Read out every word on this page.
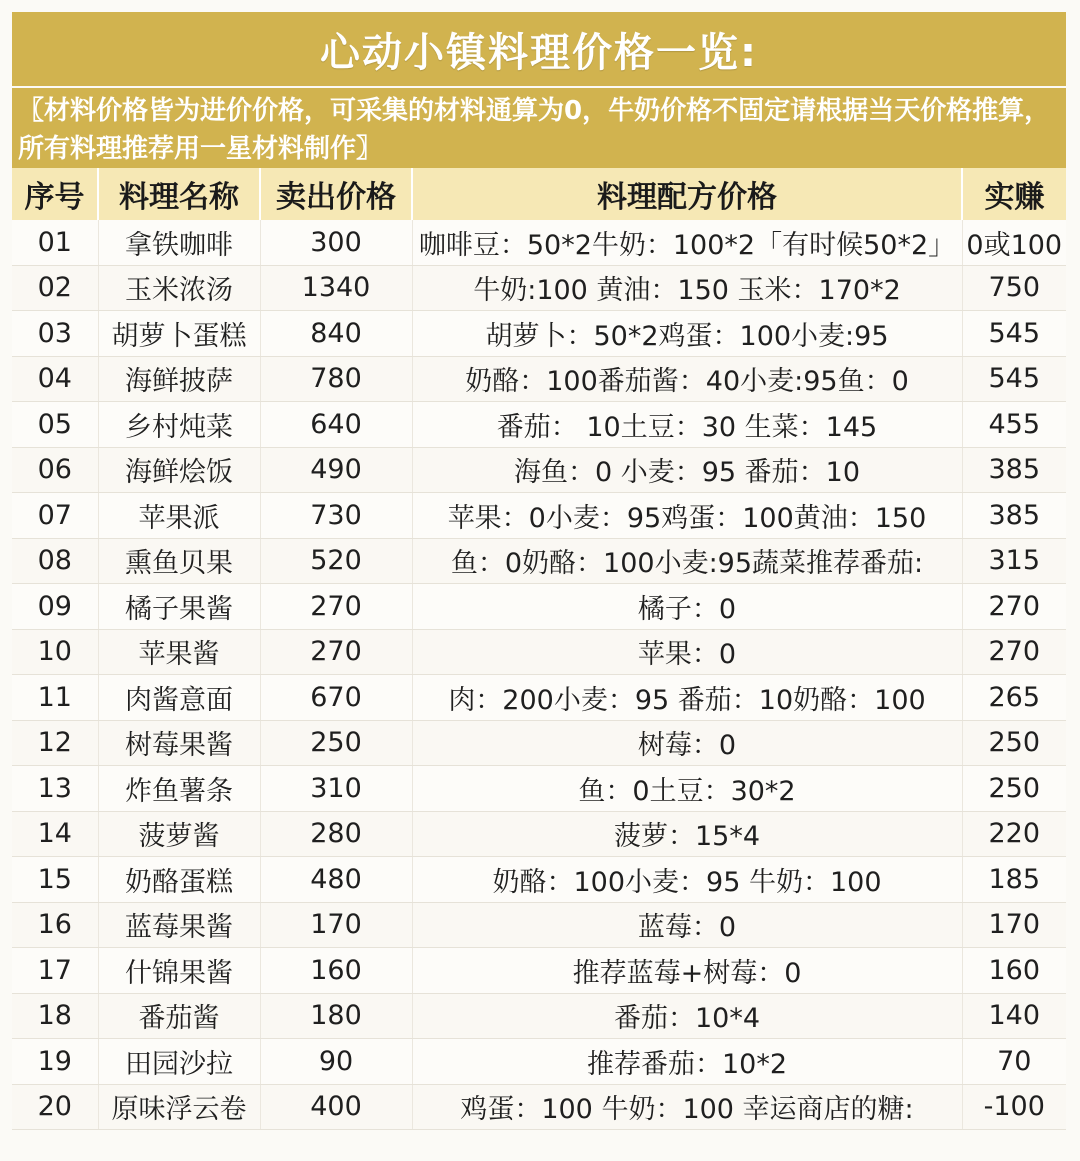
心动小镇料理价格一览:
〖材料价格皆为进价价格，可采集的材料通算为0，牛奶价格不固定请根据当天价格推算，所有料理推荐用一星材料制作〗
序号	料理名称	卖出价格	料理配方价格	实赚
01	拿铁咖啡	300	咖啡豆：50*2牛奶：100*2「有时候50*2」	0或100
02	玉米浓汤	1340	牛奶:100 黄油：150 玉米：170*2	750
03	胡萝卜蛋糕	840	胡萝卜：50*2鸡蛋：100小麦:95	545
04	海鲜披萨	780	奶酪：100番茄酱：40小麦:95鱼：0	545
05	乡村炖菜	640	番茄： 10土豆：30 生菜：145	455
06	海鲜烩饭	490	海鱼：0 小麦：95 番茄：10	385
07	苹果派	730	苹果：0小麦：95鸡蛋：100黄油：150	385
08	熏鱼贝果	520	鱼：0奶酪：100小麦:95蔬菜推荐番茄:	315
09	橘子果酱	270	橘子：0	270
10	苹果酱	270	苹果：0	270
11	肉酱意面	670	肉：200小麦：95 番茄：10奶酪：100	265
12	树莓果酱	250	树莓：0	250
13	炸鱼薯条	310	鱼：0土豆：30*2	250
14	菠萝酱	280	菠萝：15*4	220
15	奶酪蛋糕	480	奶酪：100小麦：95 牛奶：100	185
16	蓝莓果酱	170	蓝莓：0	170
17	什锦果酱	160	推荐蓝莓+树莓：0	160
18	番茄酱	180	番茄：10*4	140
19	田园沙拉	90	推荐番茄：10*2	70
20	原味浮云卷	400	鸡蛋：100 牛奶：100 幸运商店的糖:	-100
